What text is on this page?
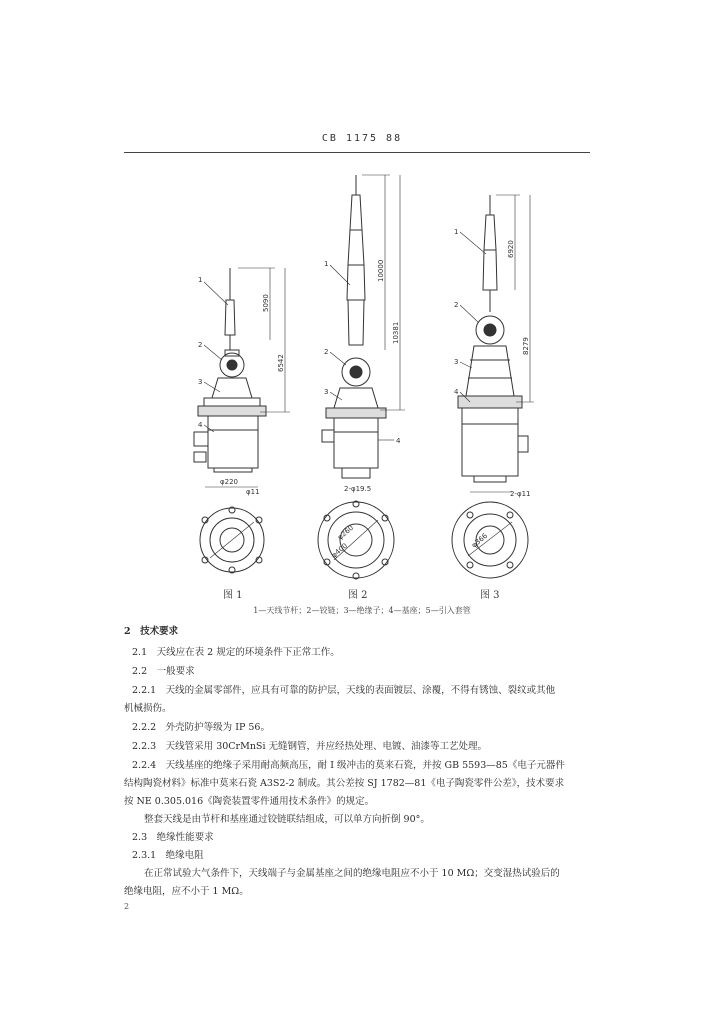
CB 1175 88
1
2
3
4
5090
6542
φ220
φ11
1
2
3
4
10000
10381
2-φ19.5
φ260
φ400
1
2
3
4
6920
8279
2-φ11
φ366
图 1	图 2	图 3
1—天线节杆；2—铰链；3—绝缘子；4—基座；5—引入套管
2　技术要求
2.1　天线应在表 2 规定的环境条件下正常工作。
2.2　一般要求
2.2.1　天线的金属零部件，应具有可靠的防护层，天线的表面镀层、涂覆，不得有锈蚀、裂纹或其他
机械损伤。
2.2.2　外壳防护等级为 IP 56。
2.2.3　天线管采用 30CrMnSi 无缝钢管，并应经热处理、电镀、油漆等工艺处理。
2.2.4　天线基座的绝缘子采用耐高频高压，耐 I 级冲击的莫来石瓷，并按 GB 5593—85《电子元器件
结构陶瓷材料》标准中莫来石瓷 A3S2-2 制成。其公差按 SJ 1782—81《电子陶瓷零件公差》，技术要求
按 NE 0.305.016《陶瓷装置零件通用技术条件》的规定。
整套天线是由节杆和基座通过铰链联结组成，可以单方向折倒 90°。
2.3　绝缘性能要求
2.3.1　绝缘电阻
在正常试验大气条件下，天线端子与金属基座之间的绝缘电阻应不小于 10 MΩ；交变湿热试验后的
绝缘电阻，应不小于 1 MΩ。
2
